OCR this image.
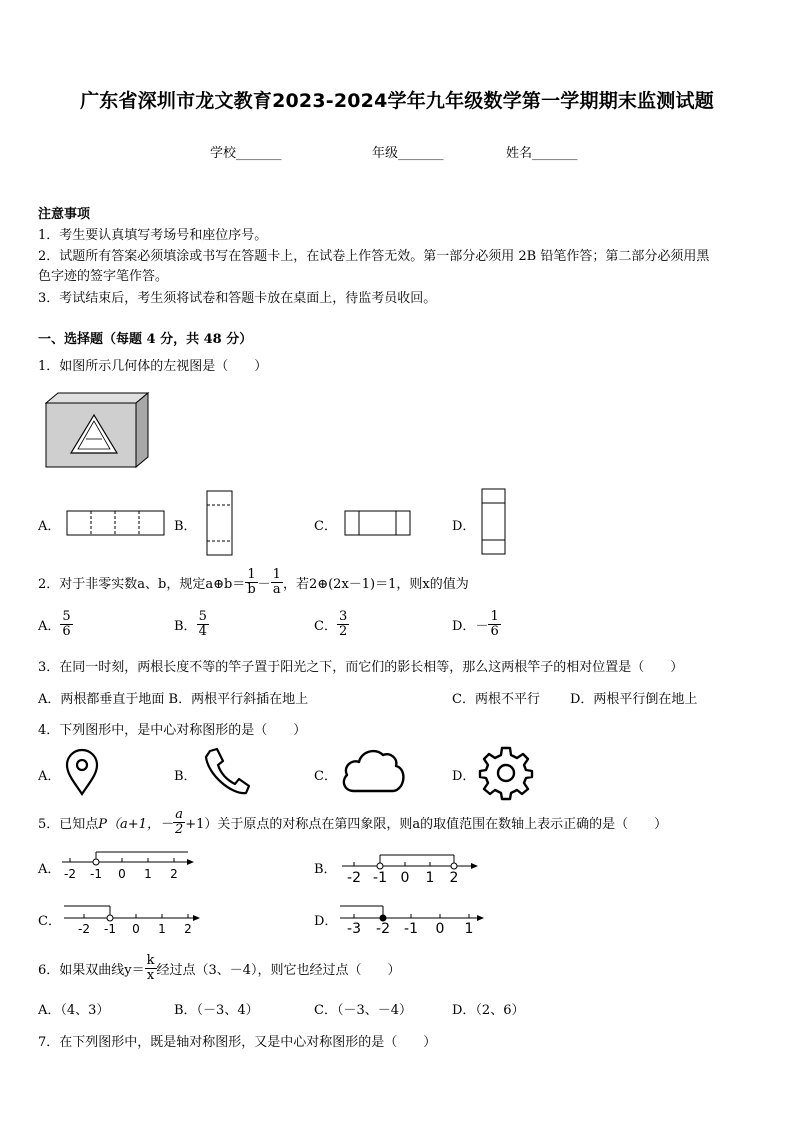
广东省深圳市龙文教育2023-2024学年九年级数学第一学期期末监测试题
学校_______	年级_______	姓名_______
注意事项
1．考生要认真填写考场号和座位序号。
2．试题所有答案必须填涂或书写在答题卡上，在试卷上作答无效。第一部分必须用 2B 铅笔作答；第二部分必须用黑
色字迹的签字笔作答。
3．考试结束后，考生须将试卷和答题卡放在桌面上，待监考员收回。
一、选择题（每题 4 分，共 48 分）
1．如图所示几何体的左视图是（　　）
A．	B．	C．	D．
2．对于非零实数a、b，规定a⊕b＝ $\frac{1}{b} - \frac{1}{a}$ ，若2⊕(2x－1)＝1，则x的值为
A． $\frac{5}{6}$	B． $\frac{5}{4}$	C． $\frac{3}{2}$	D． － $\frac{1}{6}$
3．在同一时刻，两根长度不等的竿子置于阳光之下，而它们的影长相等，那么这两根竿子的相对位置是（　　）
A．两根都垂直于地面 B．两根平行斜插在地上	C．两根不平行 D．两根平行倒在地上
4．下列图形中，是中心对称图形的是（　　）
A．	B．	C．	D．
5．已知点 P（a+1，－ $\frac{a}{2} +1$）关于原点的对称点在第四象限，则a的取值范围在数轴上表示正确的是（　　）
A． -2 -1 0 1 2	B．
-2 -1 0 1 2
C． -2 -1 0 1 2	D． -3 -2 -1 0 1
6．如果双曲线$y= \frac{k}{x}$ 经过点（3、－4），则它也经过点（　　）
A．（4、3）	B．（－3、4）	C．（－3、－4）	D．（2、6）
7．在下列图形中，既是轴对称图形，又是中心对称图形的是（　　）
